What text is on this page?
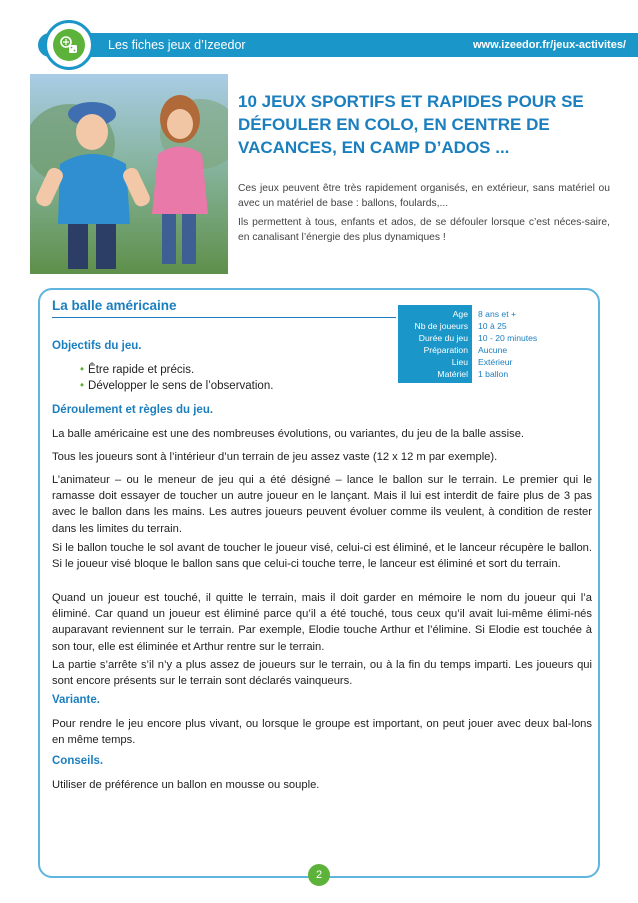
Les fiches jeux d’Izeedor	www.izeedor.fr/jeux-activites/
10 JEUX SPORTIFS ET RAPIDES POUR SE DÉFOULER EN COLO, EN CENTRE DE VACANCES, EN CAMP D’ADOS ...

Ces jeux peuvent être très rapidement organisés, en extérieur, sans matériel ou avec un matériel de base : ballons, foulards,...

Ils permettent à tous, enfants et ados, de se défouler lorsque c’est néces-saire, en canalisant l’énergie des plus dynamiques !

La balle américaine
Age 8 ans et +
Nb de joueurs 10 à 25
Durée du jeu 10 - 20 minutes
Préparation Aucune
Lieu Extérieur
Matériel 1 ballon
Objectifs du jeu.
• Être rapide et précis.
• Développer le sens de l’observation.
Déroulement et règles du jeu.

La balle américaine est une des nombreuses évolutions, ou variantes, du jeu de la balle assise.

Tous les joueurs sont à l’intérieur d’un terrain de jeu assez vaste (12 x 12 m par exemple).

L’animateur – ou le meneur de jeu qui a été désigné – lance le ballon sur le terrain. Le premier qui le ramasse doit essayer de toucher un autre joueur en le lançant. Mais il lui est interdit de faire plus de 3 pas avec le ballon dans les mains. Les autres joueurs peuvent évoluer comme ils veulent, à condition de rester dans les limites du terrain.

Si le ballon touche le sol avant de toucher le joueur visé, celui-ci est éliminé, et le lanceur récupère le ballon. Si le joueur visé bloque le ballon sans que celui-ci touche terre, le lanceur est éliminé et sort du terrain.

Quand un joueur est touché, il quitte le terrain, mais il doit garder en mémoire le nom du joueur qui l’a éliminé. Car quand un joueur est éliminé parce qu’il a été touché, tous ceux qu’il avait lui-même élimi-nés auparavant reviennent sur le terrain. Par exemple, Elodie touche Arthur et l’élimine. Si Elodie est touchée à son tour, elle est éliminée et Arthur rentre sur le terrain.

La partie s’arrête s’il n’y a plus assez de joueurs sur le terrain, ou à la fin du temps imparti. Les joueurs qui sont encore présents sur le terrain sont déclarés vainqueurs.

Variante.

Pour rendre le jeu encore plus vivant, ou lorsque le groupe est important, on peut jouer avec deux bal-lons en même temps.

Conseils.

Utiliser de préférence un ballon en mousse ou souple.

2
